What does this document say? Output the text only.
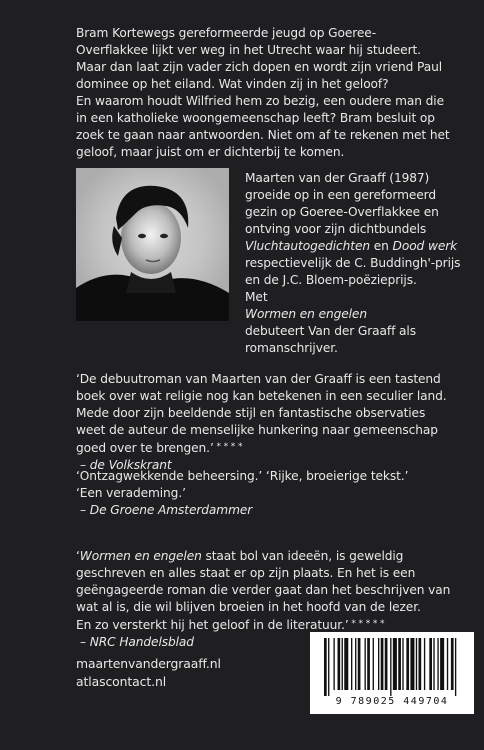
Bram Kortewegs gereformeerde jeugd op Goeree-

Overflakkee lijkt ver weg in het Utrecht waar hij studeert.

Maar dan laat zijn vader zich dopen en wordt zijn vriend Paul

dominee op het eiland. Wat vinden zij in het geloof?

En waarom houdt Wilfried hem zo bezig, een oudere man die

in een katholieke woongemeenschap leeft? Bram besluit op

zoek te gaan naar antwoorden. Niet om af te rekenen met het

geloof, maar juist om er dichterbij te komen.

Maarten van der Graaff (1987)

groeide op in een gereformeerd

gezin op Goeree-Overflakkee en

ontving voor zijn dichtbundels

Vluchtautogedichten en Dood werk

respectievelijk de C. Buddingh'-prijs

en de J.C. Bloem-poëzieprijs.

Met

Wormen en engelen

debuteert Van der Graaff als

romanschrijver.

‘De debuutroman van Maarten van der Graaff is een tastend

boek over wat religie nog kan betekenen in een seculier land.

Mede door zijn beeldende stijl en fantastische observaties

weet de auteur de menselijke hunkering naar gemeenschap

goed over te brengen.’ * * * *

– de Volkskrant

‘Ontzagwekkende beheersing.’ ‘Rijke, broeierige tekst.’

‘Een verademing.’

– De Groene Amsterdammer

‘Wormen en engelen staat bol van ideeën, is geweldig

geschreven en alles staat er op zijn plaats. En het is een

geëngageerde roman die verder gaat dan het beschrijven van

wat al is, die wil blijven broeien in het hoofd van de lezer.

En zo versterkt hij het geloof in de literatuur.’ * * * * *

– NRC Handelsblad

maartenvandergraaff.nl

atlascontact.nl

9 789025 449704
